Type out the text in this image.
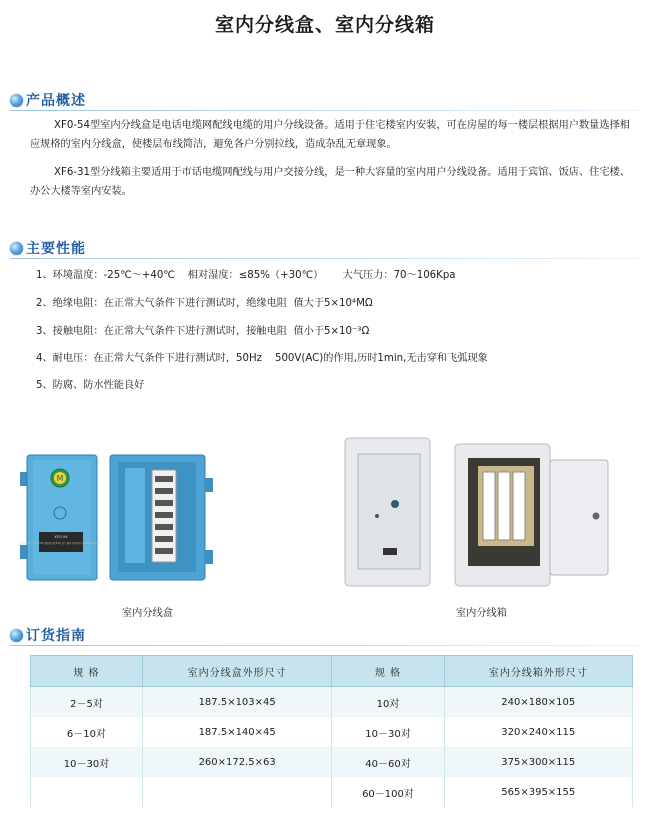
室内分线盒、室内分线箱
产品概述
XF0-54型室内分线盒是电话电缆网配线电缆的用户分线设备。适用于住宅楼室内安装，可在房屋的每一楼层根据用户数量选择相应规格的室内分线盒，使楼层布线简洁，避免各户分别拉线，造成杂乱无章现象。
XF6-31型分线箱主要适用于市话电缆网配线与用户交接分线，是一种大容量的室内用户分线设备。适用于宾馆、饭店、住宅楼、办公大楼等室内安装。
主要性能
1、环境温度：-25℃～+40℃    相对湿度：≤85%（+30℃）      大气压力：70～106Kpa
2、绝缘电阻：在正常大气条件下进行测试时，绝缘电阻  值大于5×10⁴MΩ
3、接触电阻：在正常大气条件下进行测试时，接触电阻  值小于5×10⁻³Ω
4、耐电压：在正常大气条件下进行测试时，50Hz    500V(AC)的作用,历时1min,无击穿和飞弧现象
5、防腐、防水性能良好
M
XF0-54
室内分线盒 XF0-54型 配线容量 54对 出厂编号 制造单位 XXXX电讯器材厂
室内分线盒	室内分线箱
订货指南
规 格	室内分线盒外形尺寸	规 格	室内分线箱外形尺寸
2－5对	187.5×103×45	10对	240×180×105
6－10对	187.5×140×45	10－30对	320×240×115
10－30对	260×172.5×63	40－60对	375×300×115
		60－100对	565×395×155
